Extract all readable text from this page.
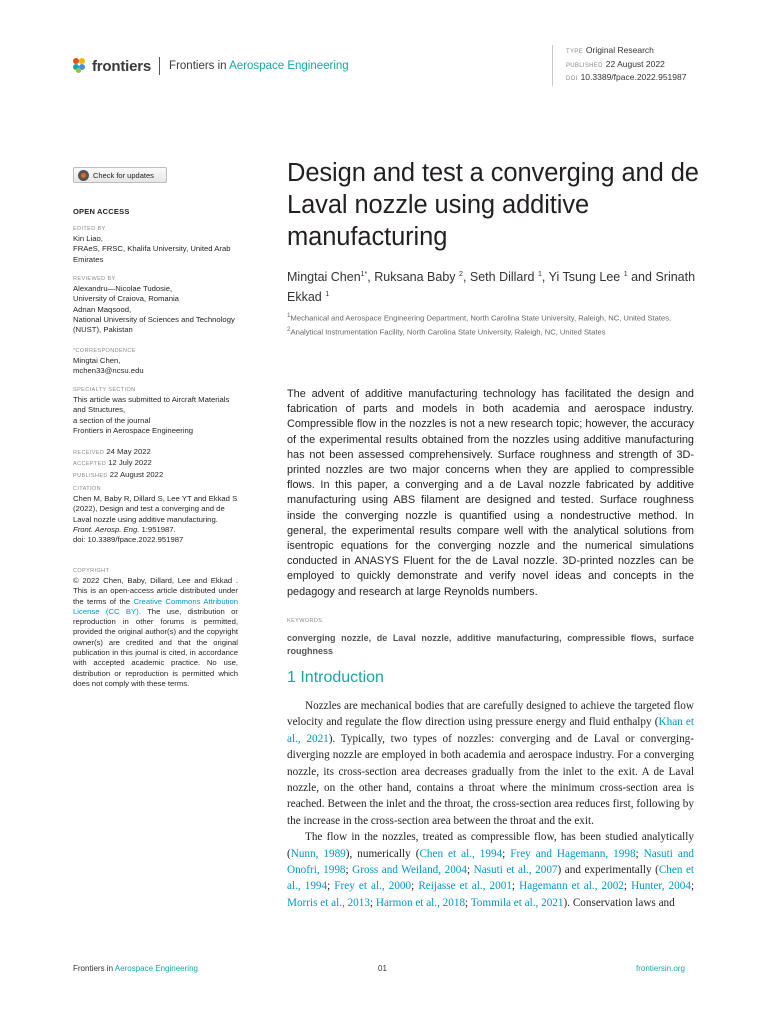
frontiers Frontiers in Aerospace Engineering
TYPE Original Research
PUBLISHED 22 August 2022
DOI 10.3389/fpace.2022.951987
Check for updates
OPEN ACCESS
EDITED BY
Kin Liao,
FRAeS, FRSC, Khalifa University, United Arab Emirates
REVIEWED BY
Alexandru—Nicolae Tudosie,
University of Craiova, Romania
Adnan Maqsood,
National University of Sciences and Technology (NUST), Pakistan
*CORRESPONDENCE
Mingtai Chen,
mchen33@ncsu.edu
SPECIALTY SECTION
This article was submitted to Aircraft Materials and Structures,
a section of the journal
Frontiers in Aerospace Engineering
RECEIVED 24 May 2022
ACCEPTED 12 July 2022
PUBLISHED 22 August 2022
CITATION
Chen M, Baby R, Dillard S, Lee YT and Ekkad S (2022), Design and test a converging and de Laval nozzle using additive manufacturing.
Front. Aerosp. Eng. 1:951987.
doi: 10.3389/fpace.2022.951987
COPYRIGHT
© 2022 Chen, Baby, Dillard, Lee and Ekkad . This is an open-access article distributed under the terms of the Creative Commons Attribution License (CC BY). The use, distribution or reproduction in other forums is permitted, provided the original author(s) and the copyright owner(s) are credited and that the original publication in this journal is cited, in accordance with accepted academic practice. No use, distribution or reproduction is permitted which does not comply with these terms.
Design and test a converging and de Laval nozzle using additive manufacturing
Mingtai Chen$^{1*}$, Ruksana Baby $^2$, Seth Dillard $^1$, Yi Tsung Lee $^1$ and Srinath Ekkad $^1$
$^1$Mechanical and Aerospace Engineering Department, North Carolina State University, Raleigh, NC, United States, $^2$Analytical Instrumentation Facility, North Carolina State University, Raleigh, NC, United States
The advent of additive manufacturing technology has facilitated the design and fabrication of parts and models in both academia and aerospace industry. Compressible flow in the nozzles is not a new research topic; however, the accuracy of the experimental results obtained from the nozzles using additive manufacturing has not been assessed comprehensively. Surface roughness and strength of 3D-printed nozzles are two major concerns when they are applied to compressible flows. In this paper, a converging and a de Laval nozzle fabricated by additive manufacturing using ABS filament are designed and tested. Surface roughness inside the converging nozzle is quantified using a nondestructive method. In general, the experimental results compare well with the analytical solutions from isentropic equations for the converging nozzle and the numerical simulations conducted in ANASYS Fluent for the de Laval nozzle. 3D-printed nozzles can be employed to quickly demonstrate and verify novel ideas and concepts in the pedagogy and research at large Reynolds numbers.
KEYWORDS
converging nozzle, de Laval nozzle, additive manufacturing, compressible flows, surface roughness
1 Introduction

Nozzles are mechanical bodies that are carefully designed to achieve the targeted flow velocity and regulate the flow direction using pressure energy and fluid enthalpy (Khan et al., 2021). Typically, two types of nozzles: converging and de Laval or converging-diverging nozzle are employed in both academia and aerospace industry. For a converging nozzle, its cross-section area decreases gradually from the inlet to the exit. A de Laval nozzle, on the other hand, contains a throat where the minimum cross-section area is reached. Between the inlet and the throat, the cross-section area reduces first, following by the increase in the cross-section area between the throat and the exit.

The flow in the nozzles, treated as compressible flow, has been studied analytically (Nunn, 1989), numerically (Chen et al., 1994; Frey and Hagemann, 1998; Nasuti and Onofri, 1998; Gross and Weiland, 2004; Nasuti et al., 2007) and experimentally (Chen et al., 1994; Frey et al., 2000; Reijasse et al., 2001; Hagemann et al., 2002; Hunter, 2004; Morris et al., 2013; Harmon et al., 2018; Tommila et al., 2021). Conservation laws and

Frontiers in Aerospace Engineering	01	frontiersin.org
